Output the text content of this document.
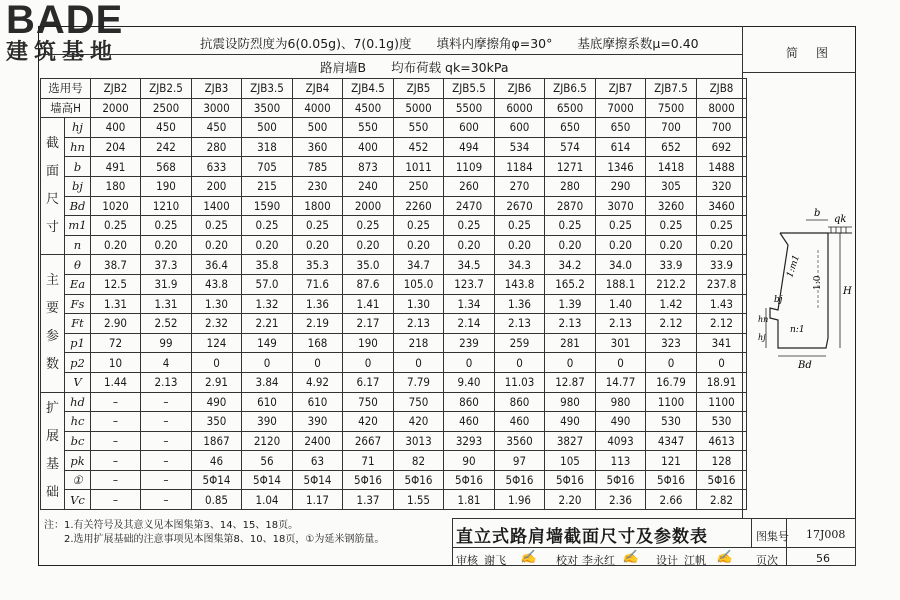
BADE
建筑基地	抗震设防烈度为6(0.05g)、7(0.1g)度　　填料内摩擦角φ=30°　　基底摩擦系数μ=0.40
路肩墙B　　均布荷载 qk=30kPa
简图
选用号		ZJB2	ZJB2.5	ZJB3	ZJB3.5	ZJB4	ZJB4.5	ZJB5	ZJB5.5	ZJB6	ZJB6.5	ZJB7	ZJB7.5	ZJB8
墙高H		2000	2500	3000	3500	4000	4500	5000	5500	6000	6500	7000	7500	8000
截面尺寸	hj	400	450	450	500	500	550	550	600	600	650	650	700	700
	hn	204	242	280	318	360	400	452	494	534	574	614	652	692
	b	491	568	633	705	785	873	1011	1109	1184	1271	1346	1418	1488
	bj	180	190	200	215	230	240	250	260	270	280	290	305	320
	Bd	1020	1210	1400	1590	1800	2000	2260	2470	2670	2870	3070	3260	3460
	m1	0.25	0.25	0.25	0.25	0.25	0.25	0.25	0.25	0.25	0.25	0.25	0.25	0.25
	n	0.20	0.20	0.20	0.20	0.20	0.20	0.20	0.20	0.20	0.20	0.20	0.20	0.20
主要参数	θ	38.7	37.3	36.4	35.8	35.3	35.0	34.7	34.5	34.3	34.2	34.0	33.9	33.9
	Ea	12.5	31.9	43.8	57.0	71.6	87.6	105.0	123.7	143.8	165.2	188.1	212.2	237.8
	Fs	1.31	1.31	1.30	1.32	1.36	1.41	1.30	1.34	1.36	1.39	1.40	1.42	1.43
	Ft	2.90	2.52	2.32	2.21	2.19	2.17	2.13	2.14	2.13	2.13	2.13	2.12	2.12
	p1	72	99	124	149	168	190	218	239	259	281	301	323	341
	p2	10	4	0	0	0	0	0	0	0	0	0	0	0
	V	1.44	2.13	2.91	3.84	4.92	6.17	7.79	9.40	11.03	12.87	14.77	16.79	18.91
扩展基础	hd	–	–	490	610	610	750	750	860	860	980	980	1100	1100
	hc	–	–	350	390	390	420	420	460	460	490	490	530	530
	bc	–	–	1867	2120	2400	2667	3013	3293	3560	3827	4093	4347	4613
	pk	–	–	46	56	63	71	82	90	97	105	113	121	128
	①	–	–	5Φ14	5Φ14	5Φ14	5Φ16	5Φ16	5Φ16	5Φ16	5Φ16	5Φ16	5Φ16	5Φ16
	Vc	–	–	0.85	1.04	1.17	1.37	1.55	1.81	1.96	2.20	2.36	2.66	2.82
b
qk
1:m1
1:0
H
bj
hj
hn
n:1
Bd
注：1.有关符号及其意义见本图集第3、14、15、18页。
　　2.选用扩展基础的注意事项见本图集第8、10、18页，①为延米钢筋量。	直立式路肩墙截面尺寸及参数表	图集号 17J008
审核 谢飞 ✍ 校对 李永红 ✍ 设计 江帆 ✍ 页次	56
